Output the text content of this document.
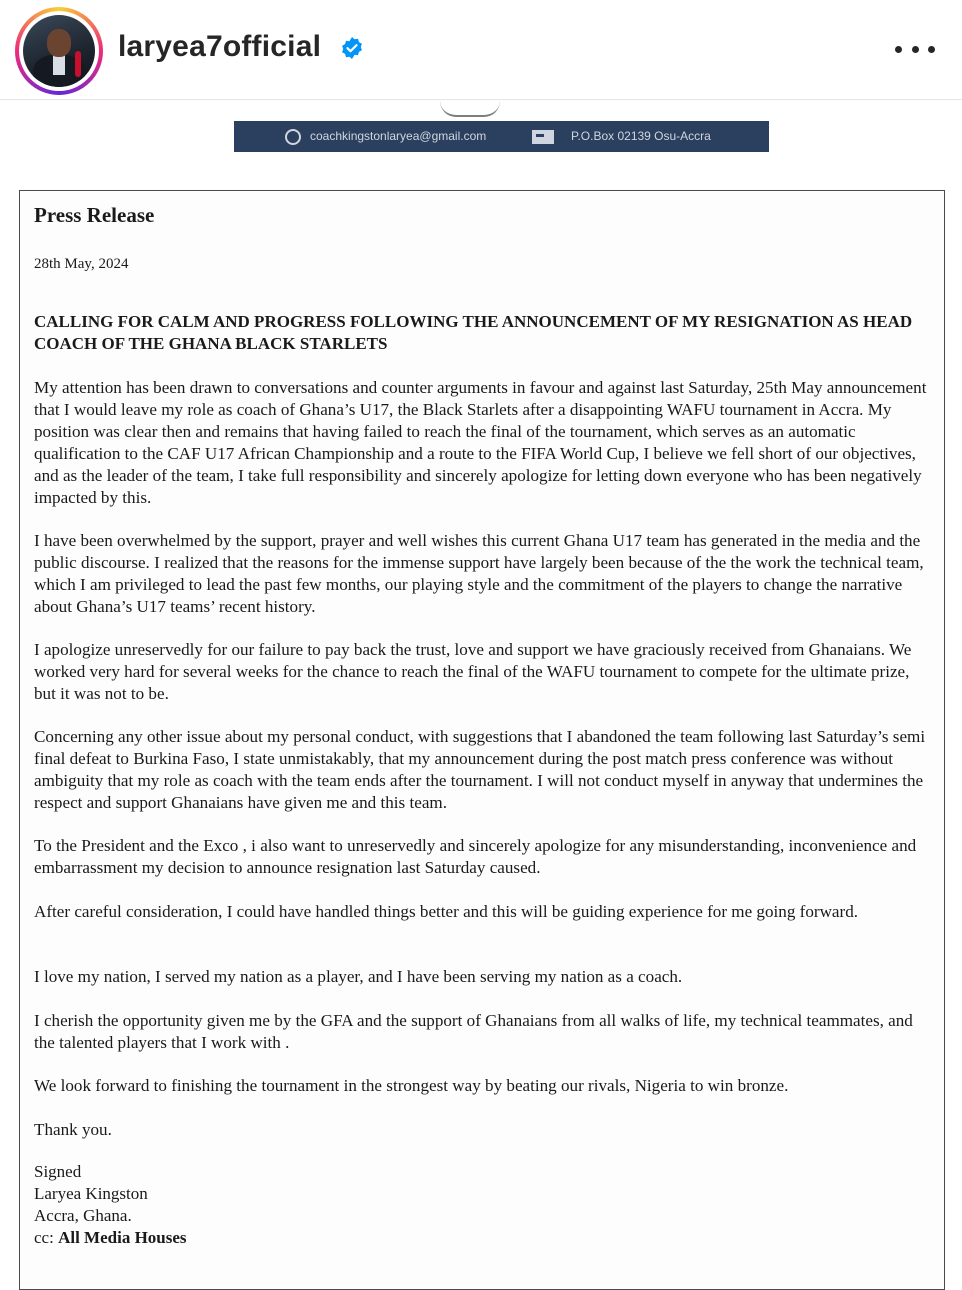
laryea7official
coachkingstonlaryea@gmail.com	P.O.Box 02139 Osu-Accra
Press Release
28th May, 2024
CALLING FOR CALM AND PROGRESS FOLLOWING THE ANNOUNCEMENT OF MY RESIGNATION AS HEAD COACH OF THE GHANA BLACK STARLETS

My attention has been drawn to conversations and counter arguments in favour and against last Saturday, 25th May announcement that I would leave my role as coach of Ghana’s U17, the Black Starlets after a disappointing WAFU tournament in Accra. My position was clear then and remains that having failed to reach the final of the tournament, which serves as an automatic qualification to the CAF U17 African Championship and a route to the FIFA World Cup, I believe we fell short of our objectives, and as the leader of the team, I take full responsibility and sincerely apologize for letting down everyone who has been negatively impacted by this.

I have been overwhelmed by the support, prayer and well wishes this current Ghana U17 team has generated in the media and the public discourse. I realized that the reasons for the immense support have largely been because of the the work the technical team, which I am privileged to lead the past few months, our playing style and the commitment of the players to change the narrative about Ghana’s U17 teams’ recent history.

I apologize unreservedly for our failure to pay back the trust, love and support we have graciously received from Ghanaians. We worked very hard for several weeks for the chance to reach the final of the WAFU tournament to compete for the ultimate prize, but it was not to be.

Concerning any other issue about my personal conduct, with suggestions that I abandoned the team following last Saturday’s semi final defeat to Burkina Faso, I state unmistakably, that my announcement during the post match press conference was without ambiguity that my role as coach with the team ends after the tournament. I will not conduct myself in anyway that undermines the respect and support Ghanaians have given me and this team.

To the President and the Exco , i also want to unreservedly and sincerely apologize for any misunderstanding, inconvenience and embarrassment my decision to announce resignation last Saturday caused.

After careful consideration, I could have handled things better and this will be guiding experience for me going forward.

I love my nation, I served my nation as a player, and I have been serving my nation as a coach.

I cherish the opportunity given me by the GFA and the support of Ghanaians from all walks of life, my technical teammates, and the talented players that I work with .

We look forward to finishing the tournament in the strongest way by beating our rivals, Nigeria to win bronze.

Thank you.

Signed
Laryea Kingston
Accra, Ghana.
cc: All Media Houses
